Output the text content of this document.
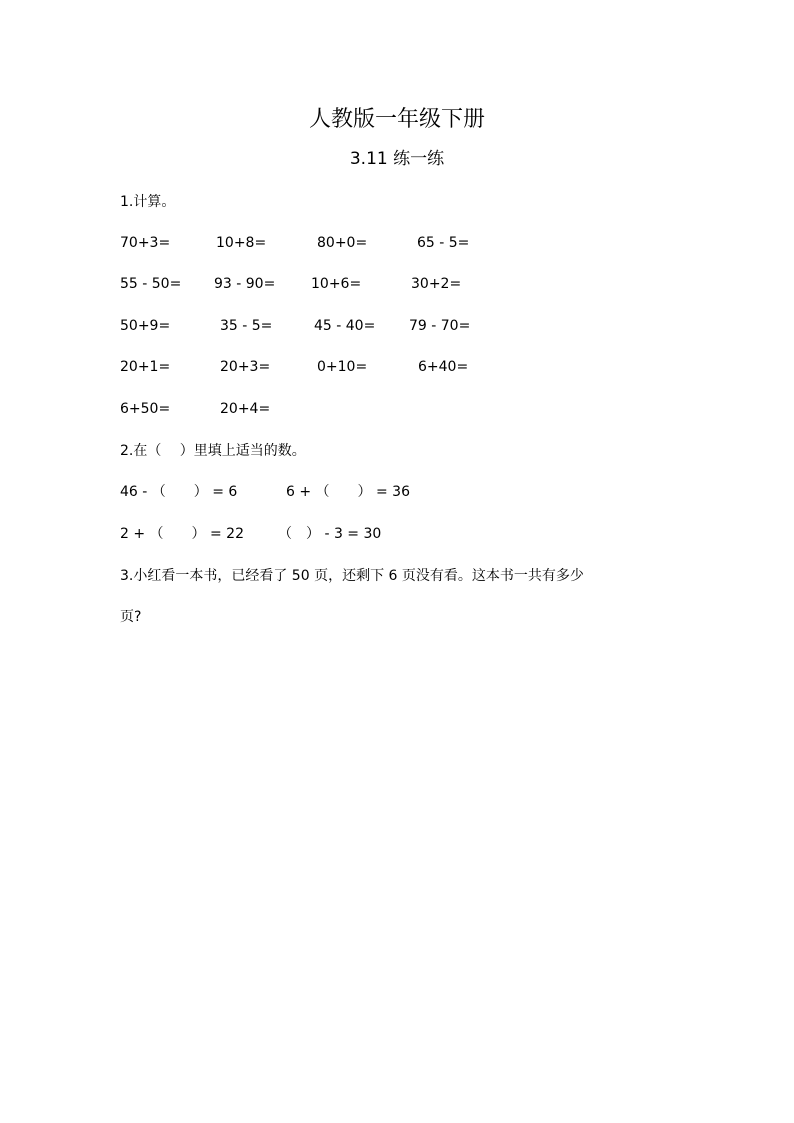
人教版一年级下册
3.11 练一练
1.计算。
70+3=	10+8=	80+0=	65 - 5=
55 - 50= 93 - 90=	10+6=	30+2=
50+9=	35 - 5=	45 - 40= 79 - 70=
20+1=	20+3=	0+10=	6+40=
6+50=	20+4=
2.在（　 ）里填上适当的数。
46 - （　　） = 6	6 + （　　） = 36
2 + （　　） = 22 （　） - 3 = 30
3.小红看一本书，已经看了 50 页，还剩下 6 页没有看。这本书一共有多少
页?
